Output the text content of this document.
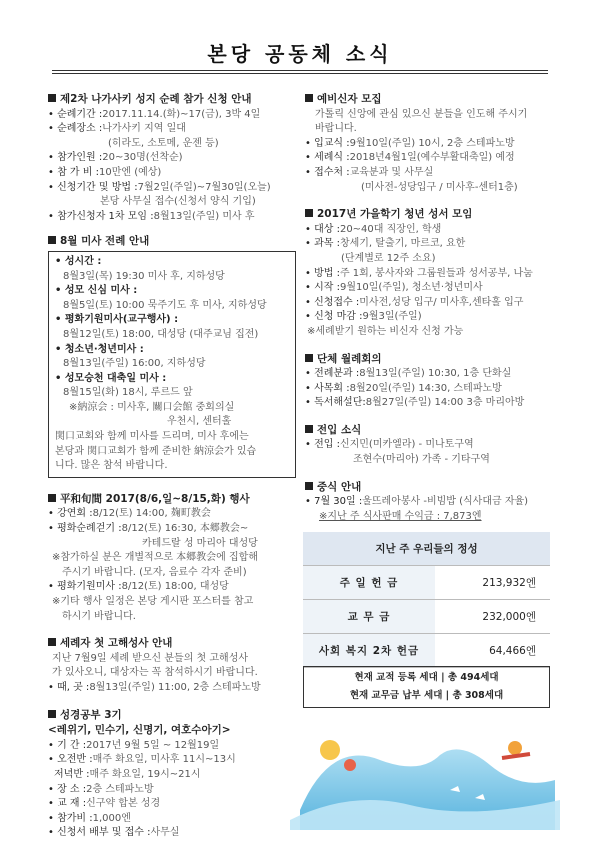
본당 공동체 소식
제2차 나가사키 성지 순례 참가 신청 안내
• 순례기간 : 2017.11.14.(화)~17(금), 3박 4일
• 순례장소 : 나가사키 지역 일대
(히라도, 소토메, 운젠 등)
• 참가인원 : 20~30명(선착순)
• 참 가 비 : 10만엔 (예상)
• 신청기간 및 방법 : 7월2일(주일)~7월30일(오늘)
본당 사무실 접수(신청서 양식 기입)
• 참가신청자 1차 모임 : 8월13일(주일) 미사 후
8월 미사 전례 안내
• 성시간 :
8월3일(목) 19:30 미사 후, 지하성당
• 성모 신심 미사 :
8월5일(토) 10:00 묵주기도 후 미사, 지하성당
• 평화기원미사(교구행사) :
8월12일(토) 18:00, 대성당 (대주교님 집전)
• 청소년·청년미사 :
8월13일(주일) 16:00, 지하성당
• 성모승천 대축일 미사 :
8월15일(화) 18시, 루르드 앞
※納涼会 : 미사후, 關口会館 중회의실
우천시, 센터홀
関口교회와 함께 미사를 드리며, 미사 후에는
본당과 関口교회가 함께 준비한 納涼会가 있습
니다. 많은 참석 바랍니다.
平和旬間 2017(8/6,일~8/15,화) 행사
• 강연회 : 8/12(토) 14:00, 麹町教会
• 평화순례걷기 : 8/12(토) 16:30, 本郷教会~
카테드랄 성 마리아 대성당
※ 참가하실 분은 개별적으로 本郷教会에 집합해
주시기 바랍니다. (모자, 음료수 각자 준비)
• 평화기원미사 : 8/12(토) 18:00, 대성당
※ 기타 행사 일정은 본당 게시판 포스터를 참고
하시기 바랍니다.
세례자 첫 고해성사 안내
지난 7월9일 세례 받으신 분들의 첫 고해성사
가 있사오니, 대상자는 꼭 참석하시기 바랍니다.
• 때, 곳 : 8월13일(주일) 11:00, 2층 스테파노방
성경공부 3기
<레위기, 민수기, 신명기, 여호수아기>
• 기 간 : 2017년 9월 5일 ~ 12월19일
• 오전반 : 매주 화요일, 미사후 11시~13시
저녁반 : 매주 화요일, 19시~21시
• 장 소 : 2층 스테파노방
• 교 재 : 신구약 합본 성경
• 참가비 : 1,000엔
• 신청서 배부 및 접수 : 사무실
예비신자 모집
가톨릭 신앙에 관심 있으신 분들을 인도해 주시기
바랍니다.
• 입교식 : 9월10일(주일) 10시, 2층 스테파노방
• 세례식 : 2018년4월1일(예수부활대축일) 예정
• 접수처 : 교육분과 및 사무실
(미사전-성당입구 / 미사후-센터1층)
2017년 가을학기 청년 성서 모임
• 대상 : 20~40대 직장인, 학생
• 과목 : 창세기, 탈출기, 마르코, 요한
(단계별로 12주 소요)
• 방법 : 주 1회, 봉사자와 그룹원들과 성서공부, 나눔
• 시작 : 9월10일(주일), 청소년·청년미사
• 신청접수 : 미사전,성당 입구/ 미사후,센타홀 입구
• 신청 마감 : 9월3일(주일)
※세례받기 원하는 비신자 신청 가능
단체 월례회의
• 전례분과 : 8월13일(주일) 10:30, 1층 단화실
• 사목회 : 8월20일(주일) 14:30, 스테파노방
• 독서해설단: 8월27일(주일) 14:00 3층 마리아방
전입 소식
• 전입 : 신지민(미카엘라) - 미나토구역
조현수(마리아) 가족 - 기타구역
중식 안내
• 7월 30일 : 울뜨레아봉사 -비빔밥 (식사대금 자율)
※지난 주 식사판매 수익금 : 7,873엔
지난 주 우리들의 정성	
주 일 헌 금	213,932엔
교 무 금	232,000엔
사회 복지 2차 헌금	64,466엔
현재 교적 등록 세대 | 총 494세대
현재 교무금 납부 세대 | 총 308세대
